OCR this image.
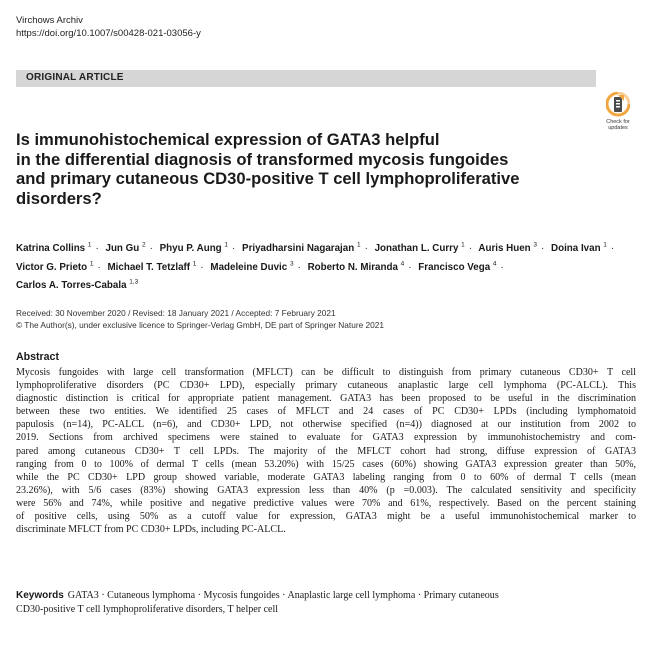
Virchows Archiv
https://doi.org/10.1007/s00428-021-03056-y
ORIGINAL ARTICLE
Check for
updates
Is immunohistochemical expression of GATA3 helpful
in the differential diagnosis of transformed mycosis fungoides
and primary cutaneous CD30-positive T cell lymphoproliferative
disorders?
Katrina Collins $^1$ · Jun Gu $^2$ · Phyu P. Aung $^1$ · Priyadharsini Nagarajan $^1$ · Jonathan L. Curry $^1$ · Auris Huen $^3$ · Doina Ivan $^1$ ·
Victor G. Prieto $^1$ · Michael T. Tetzlaff $^1$ · Madeleine Duvic $^3$ · Roberto N. Miranda $^4$ · Francisco Vega $^4$ ·
Carlos A. Torres-Cabala $^{1,3}$
Received: 30 November 2020 / Revised: 18 January 2021 / Accepted: 7 February 2021
© The Author(s), under exclusive licence to Springer-Verlag GmbH, DE part of Springer Nature 2021
Abstract
Mycosis fungoides with large cell transformation (MFLCT) can be difficult to distinguish from primary cutaneous CD30+ T cell
lymphoproliferative disorders (PC CD30+ LPD), especially primary cutaneous anaplastic large cell lymphoma (PC-ALCL). This
diagnostic distinction is critical for appropriate patient management. GATA3 has been proposed to be useful in the discrimination
between these two entities. We identified 25 cases of MFLCT and 24 cases of PC CD30+ LPDs (including lymphomatoid
papulosis (n=14), PC-ALCL (n=6), and CD30+ LPD, not otherwise specified (n=4)) diagnosed at our institution from 2002 to
2019. Sections from archived specimens were stained to evaluate for GATA3 expression by immunohistochemistry and com-
pared among cutaneous CD30+ T cell LPDs. The majority of the MFLCT cohort had strong, diffuse expression of GATA3
ranging from 0 to 100% of dermal T cells (mean 53.20%) with 15/25 cases (60%) showing GATA3 expression greater than 50%,
while the PC CD30+ LPD group showed variable, moderate GATA3 labeling ranging from 0 to 60% of dermal T cells (mean
23.26%), with 5/6 cases (83%) showing GATA3 expression less than 40% (p =0.003). The calculated sensitivity and specificity
were 56% and 74%, while positive and negative predictive values were 70% and 61%, respectively. Based on the percent staining
of positive cells, using 50% as a cutoff value for expression, GATA3 might be a useful immunohistochemical marker to
discriminate MFLCT from PC CD30+ LPDs, including PC-ALCL.
Keywords GATA3 · Cutaneous lymphoma · Mycosis fungoides · Anaplastic large cell lymphoma · Primary cutaneous
CD30-positive T cell lymphoproliferative disorders, T helper cell
